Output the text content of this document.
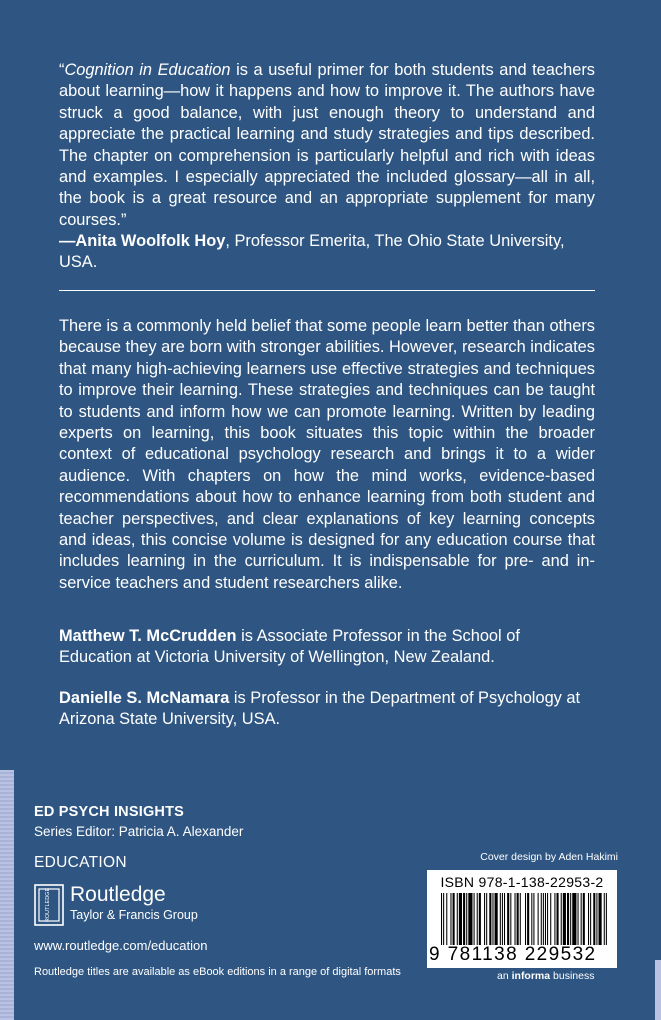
“Cognition in Education is a useful primer for both students and teachers about learning—how it happens and how to improve it. The authors have struck a good balance, with just enough theory to understand and appreciate the practical learning and study strategies and tips described. The chapter on comprehension is particularly helpful and rich with ideas and examples. I especially appreciated the included glossary—all in all, the book is a great resource and an appropriate supplement for many courses.”
—Anita Woolfolk Hoy, Professor Emerita, The Ohio State University, USA.
There is a commonly held belief that some people learn better than others because they are born with stronger abilities. However, research indicates that many high-achieving learners use effective strategies and techniques to improve their learning. These strategies and techniques can be taught to students and inform how we can promote learning. Written by leading experts on learning, this book situates this topic within the broader context of educational psychology research and brings it to a wider audience. With chapters on how the mind works, evidence-based recommendations about how to enhance learning from both student and teacher perspectives, and clear explanations of key learning concepts and ideas, this concise volume is designed for any education course that includes learning in the curriculum. It is indispensable for pre- and in-service teachers and student researchers alike.
Matthew T. McCrudden is Associate Professor in the School of Education at Victoria University of Wellington, New Zealand.
Danielle S. McNamara is Professor in the Department of Psychology at Arizona State University, USA.
ED PSYCH INSIGHTS
Series Editor: Patricia A. Alexander
EDUCATION
ROUTLEDGE Routledge
Taylor & Francis Group
www.routledge.com/education
Routledge titles are available as eBook editions in a range of digital formats
Cover design by Aden Hakimi
ISBN 978-1-138-22953-2
9 781138 229532
an informa business
